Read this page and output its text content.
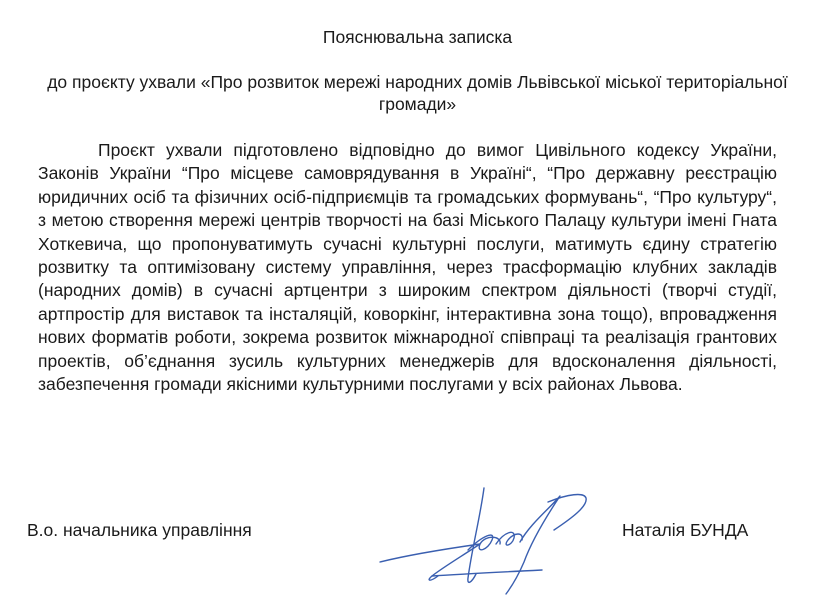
Пояснювальна записка

до проєкту ухвали «Про розвиток мережі народних домів Львівської міської територіальної громади»

Проєкт ухвали підготовлено відповідно до вимог Цивільного кодексу України, Законів України “Про місцеве самоврядування в Україні“, “Про державну реєстрацію юридичних осіб та фізичних осіб-підприємців та громадських формувань“, “Про культуру“, з метою створення мережі центрів творчості на базі Міського Палацу культури імені Гната Хоткевича, що пропонуватимуть сучасні культурні послуги, матимуть єдину стратегію розвитку та оптимізовану систему управління, через трасформацію клубних закладів (народних домів) в сучасні артцентри з широким спектром діяльності (творчі студії, артпростір для виставок та інсталяцій, коворкінг, інтерактивна зона тощо), впровадження нових форматів роботи, зокрема розвиток міжнародної співпраці та реалізація грантових проектів, об’єднання зусиль культурних менеджерів для вдосконалення діяльності, забезпечення громади якісними культурними послугами у всіх районах Львова.

В.о. начальника управління	Наталія БУНДА
